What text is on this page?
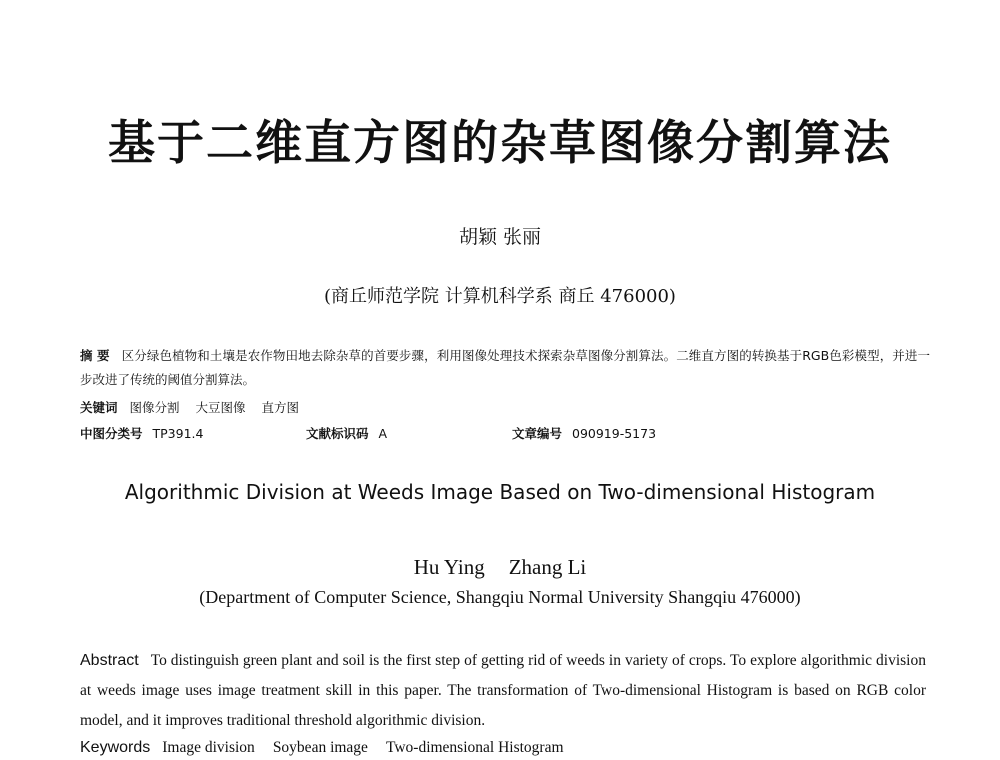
基于二维直方图的杂草图像分割算法
胡颖 张丽
(商丘师范学院 计算机科学系 商丘 476000)
摘 要 区分绿色植物和土壤是农作物田地去除杂草的首要步骤，利用图像处理技术探索杂草图像分割算法。二维直方图的转换基于RGB色彩模型，并进一步改进了传统的阈值分割算法。
关键词 图像分割 大豆图像 直方图
中图分类号 TP391.4	文献标识码 A	文章编号 090919-5173
Algorithmic Division at Weeds Image Based on Two-dimensional Histogram
Hu Ying Zhang Li
(Department of Computer Science, Shangqiu Normal University Shangqiu 476000)
Abstract To distinguish green plant and soil is the first step of getting rid of weeds in variety of crops. To explore algorithmic division at weeds image uses image treatment skill in this paper. The transformation of Two-dimensional Histogram is based on RGB color model, and it improves traditional threshold algorithmic division.
Keywords Image division Soybean image Two-dimensional Histogram
